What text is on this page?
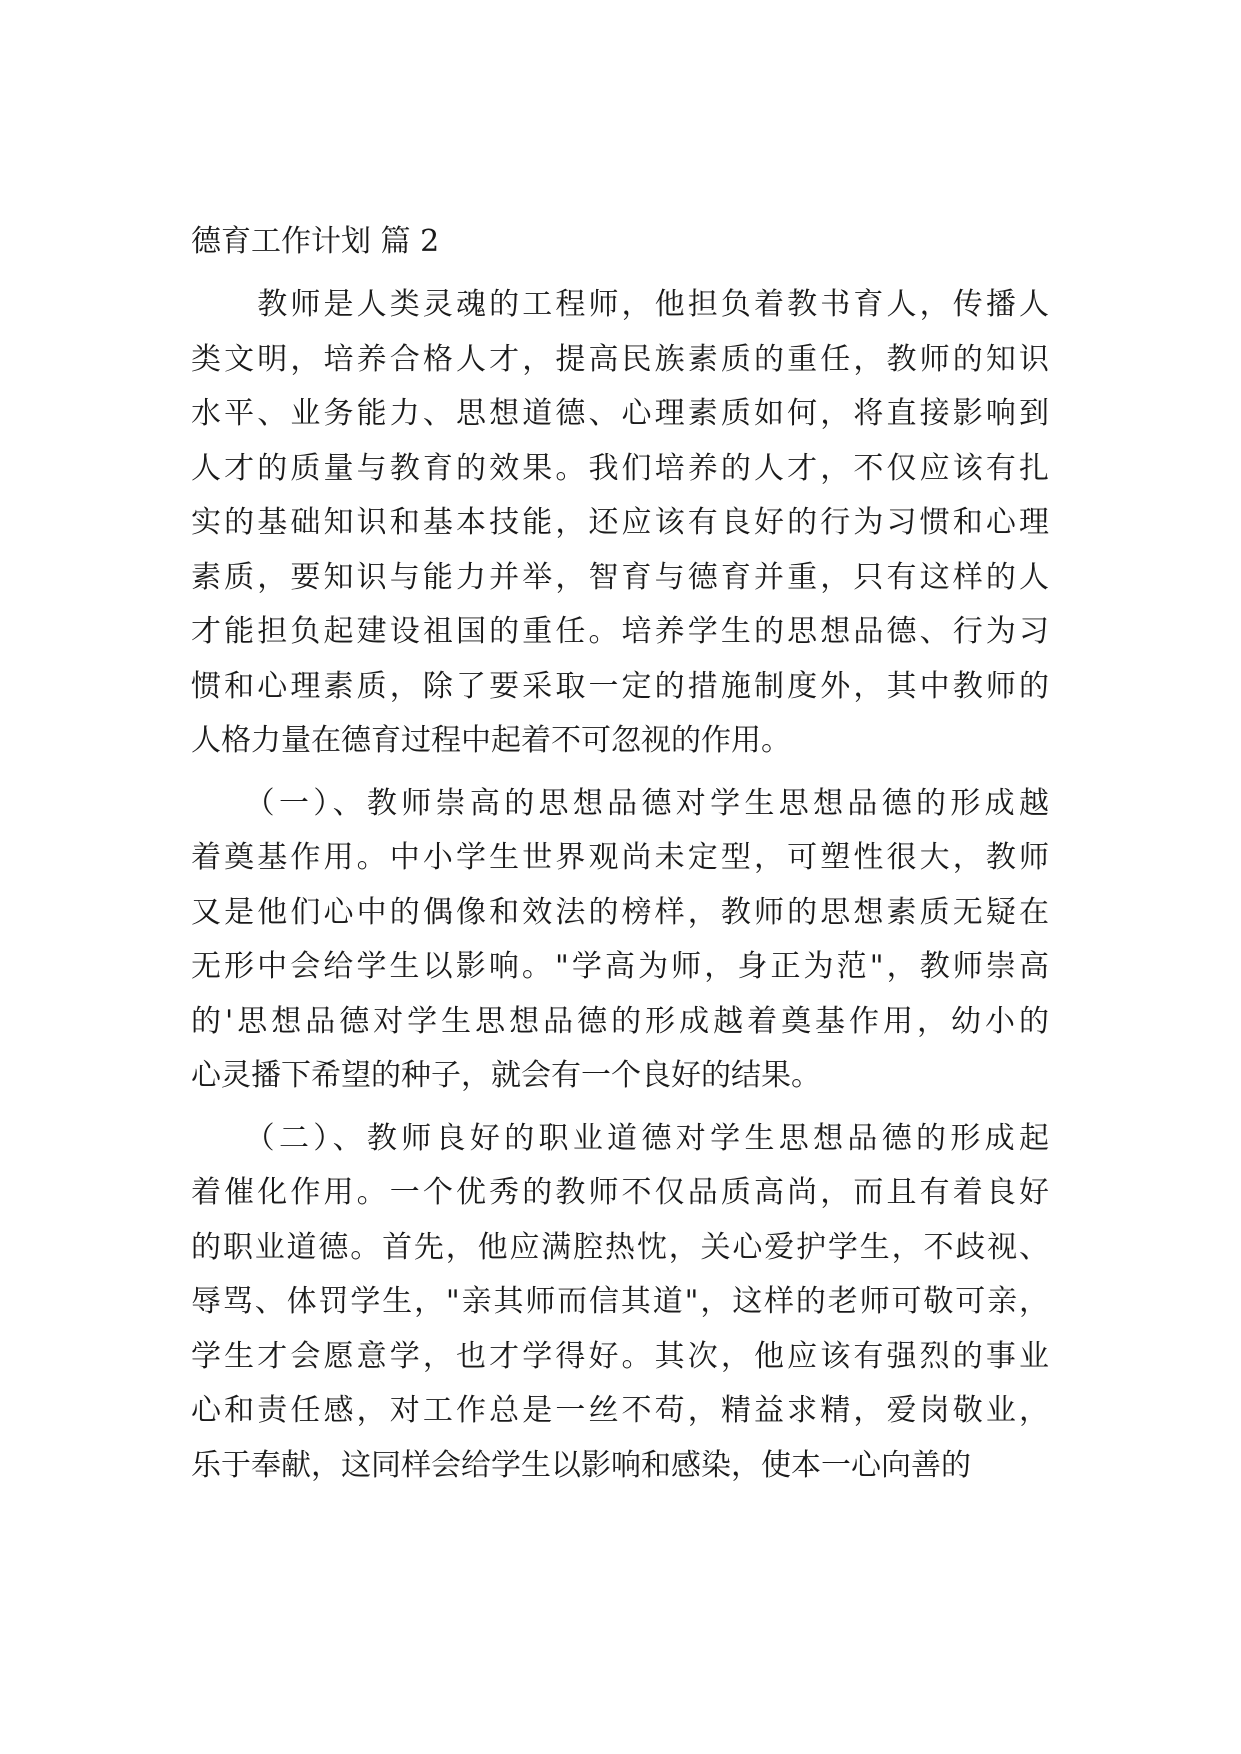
德育工作计划 篇 2
　　教师是人类灵魂的工程师，他担负着教书育人，传播人
类文明，培养合格人才，提高民族素质的重任，教师的知识
水平、业务能力、思想道德、心理素质如何，将直接影响到
人才的质量与教育的效果。我们培养的人才，不仅应该有扎
实的基础知识和基本技能，还应该有良好的行为习惯和心理
素质，要知识与能力并举，智育与德育并重，只有这样的人
才能担负起建设祖国的重任。培养学生的思想品德、行为习
惯和心理素质，除了要采取一定的措施制度外，其中教师的
人格力量在德育过程中起着不可忽视的作用。
　　（一）、教师崇高的思想品德对学生思想品德的形成越
着奠基作用。中小学生世界观尚未定型，可塑性很大，教师
又是他们心中的偶像和效法的榜样，教师的思想素质无疑在
无形中会给学生以影响。"学高为师，身正为范"，教师崇高
的'思想品德对学生思想品德的形成越着奠基作用，幼小的
心灵播下希望的种子，就会有一个良好的结果。
　　（二）、教师良好的职业道德对学生思想品德的形成起
着催化作用。一个优秀的教师不仅品质高尚，而且有着良好
的职业道德。首先，他应满腔热忱，关心爱护学生，不歧视、
辱骂、体罚学生，"亲其师而信其道"，这样的老师可敬可亲，
学生才会愿意学，也才学得好。其次，他应该有强烈的事业
心和责任感，对工作总是一丝不苟，精益求精，爱岗敬业，
乐于奉献，这同样会给学生以影响和感染，使本一心向善的
